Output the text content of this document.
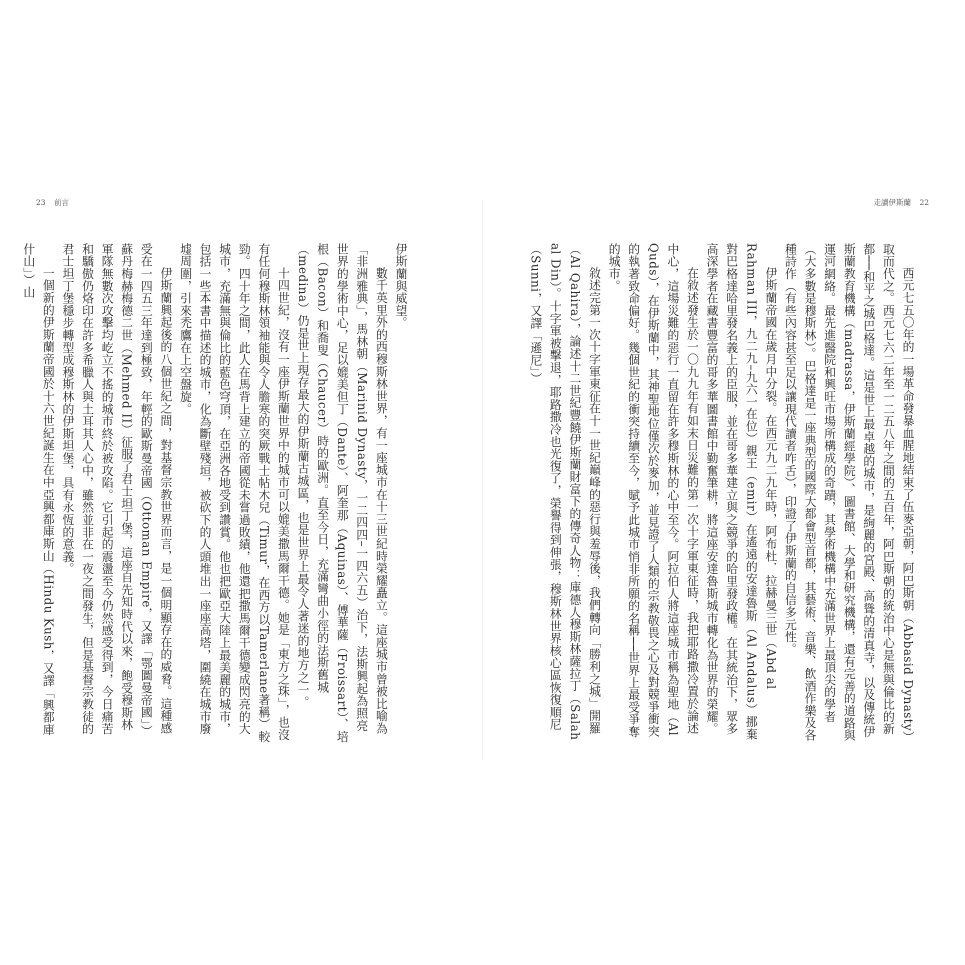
23 前言	走讀伊斯蘭 22

西元七五〇年的一場革命發暴血腥地結束了伍麥亞朝，阿巴斯朝（Abbasid Dynasty）取而代之。西元七六二年至一二五八年之間的五百年，阿巴斯朝的統治中心是無與倫比的新都──和平之城巴格達。這是世上最卓越的城市，是絢麗的宮殿、高聳的清真寺，以及傳統伊斯蘭教育機構（madrassa，伊斯蘭經學院）、圖書館、大學和研究機構，還有完善的道路與運河網絡。最先進醫院和興旺市場所構成的奇蹟，其學術機構中充滿世界上最頂尖的學者（大多數是穆斯林）。巴格達是一座典型的國際大都會型首都，其藝術、音樂、飲酒作樂及各種詩作（有些內容甚至足以讓現代讀者咋舌），印證了伊斯蘭的自信多元性。

伊斯蘭帝國在歲月中分裂。在西元九二九年時，阿布杜．拉赫曼三世（Abd al Rahman III，九二九–九六一在位）親王（emir）在遙遠的安達魯斯（Al Andalus）挪棄對巴格達哈里發名義上的臣服，並在哥多華建立與之競爭的哈里發政權。在其統治下，眾多高深學者在藏書豐富的哥多華圖書館中勤奮筆耕，將這座安達魯斯城市轉化為世界的榮耀。

在敘述發生於一〇九九年有如末日災難的第一次十字軍東征時，我把耶路撒冷置於論述中心，這場災難的惡行一直留在許多穆斯林的心中至今。阿拉伯人將這座城市稱為聖地（Al Quds），在伊斯蘭中，其神聖地位僅次於麥加，並見證了人類的宗教敬畏之心及對競爭衝突的執著致命偏好。幾個世紀的衝突持續至今，賦予此城市悄非所願的名稱──世界上最受爭奪的城市。

敘述完第一次十字軍東征在十一世紀巔峰的惡行與羞辱後，我們轉向「勝利之城」開羅（Al Qahira），論述十二世紀豐饒伊斯蘭財富下的傳奇人物：庫德人穆斯林薩拉丁（Salah al Din）。十字軍被擊退，耶路撒冷也光復了，榮譽得到伸張，穆斯林世界核心區恢復順尼（Sunni，又譯「遜尼」）

伊斯蘭與威望。

數千英里外的西穆斯林世界，有一座城市在十三世紀時榮耀矗立。這座城市曾被比喻為「非洲雅典」，馬林朝（Marinid Dynasty，一二四四–一四六五）治下，法斯興起為照亮世界的學術中心，足以媲美但丁（Dante）、阿奎那（Aquinas）、傅華薩（Froissart）、培根（Bacon）和喬叟（Chaucer）時的歐洲。直至今日，充滿彎曲小徑的法斯舊城（medina）仍是世上現存最大的伊斯蘭古城區，也是世界上最令人著迷的地方之一。

十四世紀，沒有一座伊斯蘭世界中的城市可以媲美撒馬爾干德。她是「東方之珠」，也沒有任何穆斯林領袖能與令人膽寒的突厥戰士帖木兒（Timur，在西方以Tamerlane著稱）較勁。四十年之間，此人在馬背上建立的帝國從未嘗過敗績，他還把撒馬爾干德變成閃亮的大城市，充滿無與倫比的藍色穹頂，在亞洲各地受到讚賞。他也把歐亞大陸上最美麗的城市，包括一些本書中描述的城市，化為斷壁殘垣，被砍下的人頭堆出一座座高塔，圍繞在城市廢墟周圍，引來禿鷹在上空盤旋。

伊斯蘭興起後的八個世紀之間，對基督宗教世界而言，是一個明顯存在的威脅。這種感受在一四五三年達到極致，年輕的歐斯曼帝國（Ottoman Empire，又譯「鄂圖曼帝國」）蘇丹梅赫梅德二世（Mehmed II）征服了君士坦丁堡，這座自先知時代以來，飽受穆斯林軍隊無數次攻擊均屹立不搖的城市終於被攻陷。它引起的震盪至今仍然感受得到，今日痛苦和驕傲仍烙印在許多希臘人與土耳其人心中，雖然並非在一夜之間發生，但是基督宗教徒的君士坦丁堡穩步轉型成穆斯林的伊斯坦堡，具有永恆的意義。

一個新的伊斯蘭帝國於十六世紀誕生在中亞興都庫斯山（Hindu Kush，又譯「興都庫什山」）山
